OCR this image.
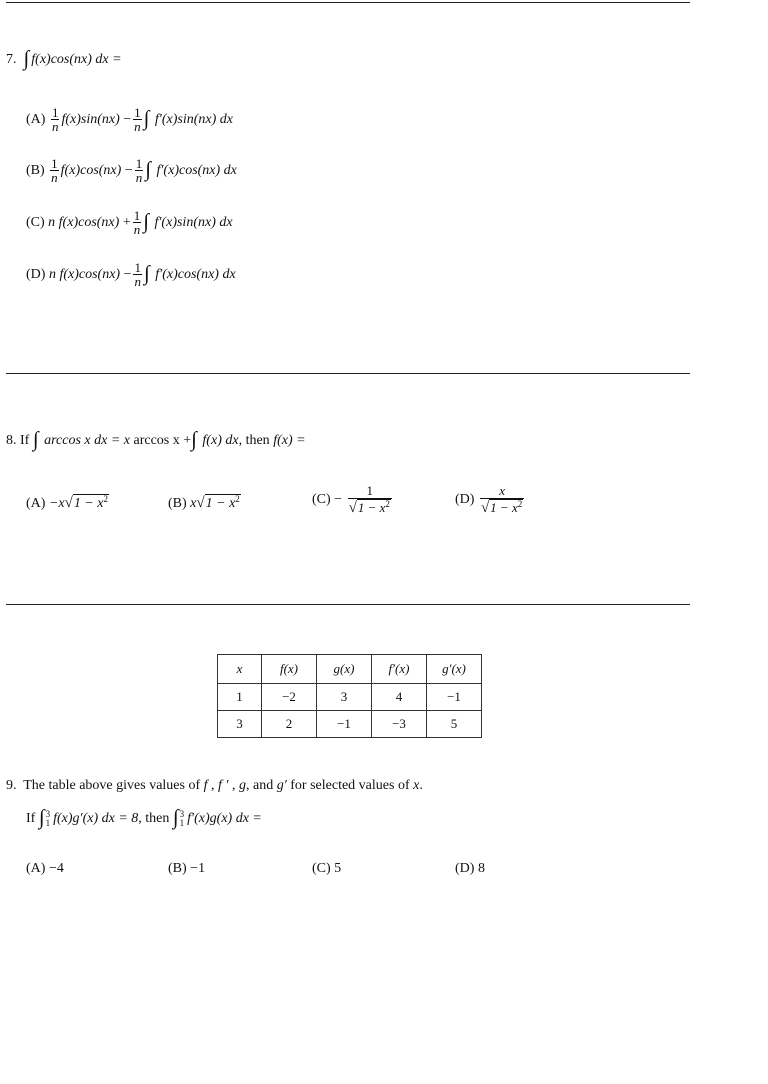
7. ∫ f(x)cos(nx) dx =
$(A) \frac{1}{n} f(x)\sin(nx) - \frac{1}{n}$ ∫ f′(x)sin(nx) dx
$(B) \frac{1}{n} f(x)\cos(nx) - \frac{1}{n}$ ∫ f′(x)cos(nx) dx
(C) n $f(x)\cos(nx) + \frac{1}{n}$ ∫ f′(x)sin(nx) dx
(D) n $f(x)\cos(nx) - \frac{1}{n}$ ∫ f′(x)cos(nx) dx
8. If ∫ arccos x dx = x arccos x +∫ f(x) dx, then f(x) =
$(A) -x√1 - x^2$	(B) $x√1 - x^2$	$(C) - \frac{1}{√1 - x^2}$	$(D) \frac{x}{√1 - x^2}$
x	f(x)	g(x)	f′(x)	g′(x)
1	−2	3	4	−1
3	2	−1	−3	5
9. The table above gives values of f , f ′ , g, and g′ for selected values of x.
If ∫ 3
1 f(x)g′(x) dx = 8, then ∫ 3
1 f′(x)g(x) dx =
(A) −4	(B) −1	(C) 5	(D) 8
